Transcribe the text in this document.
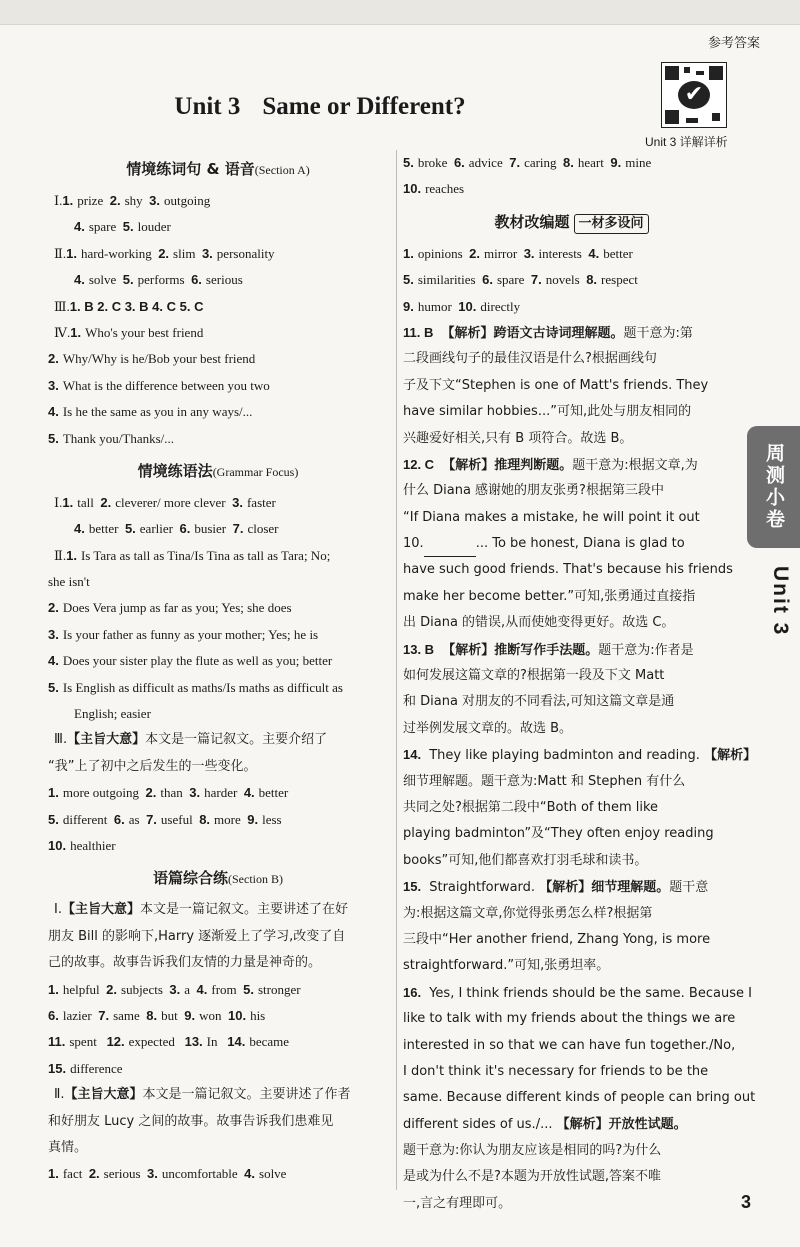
参考答案
✔
Unit 3 详解详析
Unit 3 Same or Different?
情境练词句 & 语音(Section A)
Ⅰ.1. prize 2. shy 3. outgoing
4. spare 5. louder
Ⅱ.1. hard-working 2. slim 3. personality
4. solve 5. performs 6. serious
Ⅲ.1. B 2. C 3. B 4. C 5. C
Ⅳ.1. Who's your best friend
2. Why/Why is he/Bob your best friend
3. What is the difference between you two
4. Is he the same as you in any ways/...
5. Thank you/Thanks/...
情境练语法(Grammar Focus)
Ⅰ.1. tall 2. cleverer/ more clever 3. faster
4. better 5. earlier 6. busier 7. closer
Ⅱ.1. Is Tara as tall as Tina/Is Tina as tall as Tara; No;
she isn't
2. Does Vera jump as far as you; Yes; she does
3. Is your father as funny as your mother; Yes; he is
4. Does your sister play the flute as well as you; better
5. Is English as difficult as maths/Is maths as difficult as
English; easier
Ⅲ.【主旨大意】本文是一篇记叙文。主要介绍了
“我”上了初中之后发生的一些变化。
1. more outgoing 2. than 3. harder 4. better
5. different 6. as 7. useful 8. more 9. less
10. healthier
语篇综合练(Section B)
Ⅰ.【主旨大意】本文是一篇记叙文。主要讲述了在好
朋友 Bill 的影响下,Harry 逐渐爱上了学习,改变了自
己的故事。故事告诉我们友情的力量是神奇的。
1. helpful 2. subjects 3. a 4. from 5. stronger
6. lazier 7. same 8. but 9. won 10. his
11. spent 12. expected 13. In 14. became
15. difference
Ⅱ.【主旨大意】本文是一篇记叙文。主要讲述了作者
和好朋友 Lucy 之间的故事。故事告诉我们患难见
真情。
1. fact 2. serious 3. uncomfortable 4. solve
5. broke 6. advice 7. caring 8. heart 9. mine
10. reaches
教材改编题 一材多设问
1. opinions 2. mirror 3. interests 4. better
5. similarities 6. spare 7. novels 8. respect
9. humor 10. directly
11. B 【解析】跨语文古诗词理解题。题干意为:第
二段画线句子的最佳汉语是什么?根据画线句
子及下文“Stephen is one of Matt's friends. They
have similar hobbies...”可知,此处与朋友相同的
兴趣爱好相关,只有 B 项符合。故选 B。
12. C 【解析】推理判断题。题干意为:根据文章,为
什么 Diana 感谢她的朋友张勇?根据第三段中
“If Diana makes a mistake, he will point it out
10.	... To be honest, Diana is glad to
have such good friends. That's because his friends
make her become better.”可知,张勇通过直接指
出 Diana 的错误,从而使她变得更好。故选 C。
13. B 【解析】推断写作手法题。题干意为:作者是
如何发展这篇文章的?根据第一段及下文 Matt
和 Diana 对朋友的不同看法,可知这篇文章是通
过举例发展文章的。故选 B。
14. They like playing badminton and reading. 【解析】
细节理解题。题干意为:Matt 和 Stephen 有什么
共同之处?根据第二段中“Both of them like
playing badminton”及“They often enjoy reading
books”可知,他们都喜欢打羽毛球和读书。
15. Straightforward. 【解析】细节理解题。题干意
为:根据这篇文章,你觉得张勇怎么样?根据第
三段中“Her another friend, Zhang Yong, is more
straightforward.”可知,张勇坦率。
16. Yes, I think friends should be the same. Because I
like to talk with my friends about the things we are
interested in so that we can have fun together./No,
I don't think it's necessary for friends to be the
same. Because different kinds of people can bring out
different sides of us./... 【解析】开放性试题。
题干意为:你认为朋友应该是相同的吗?为什么
是或为什么不是?本题为开放性试题,答案不唯
一,言之有理即可。
周测小卷
Unit 3
3
